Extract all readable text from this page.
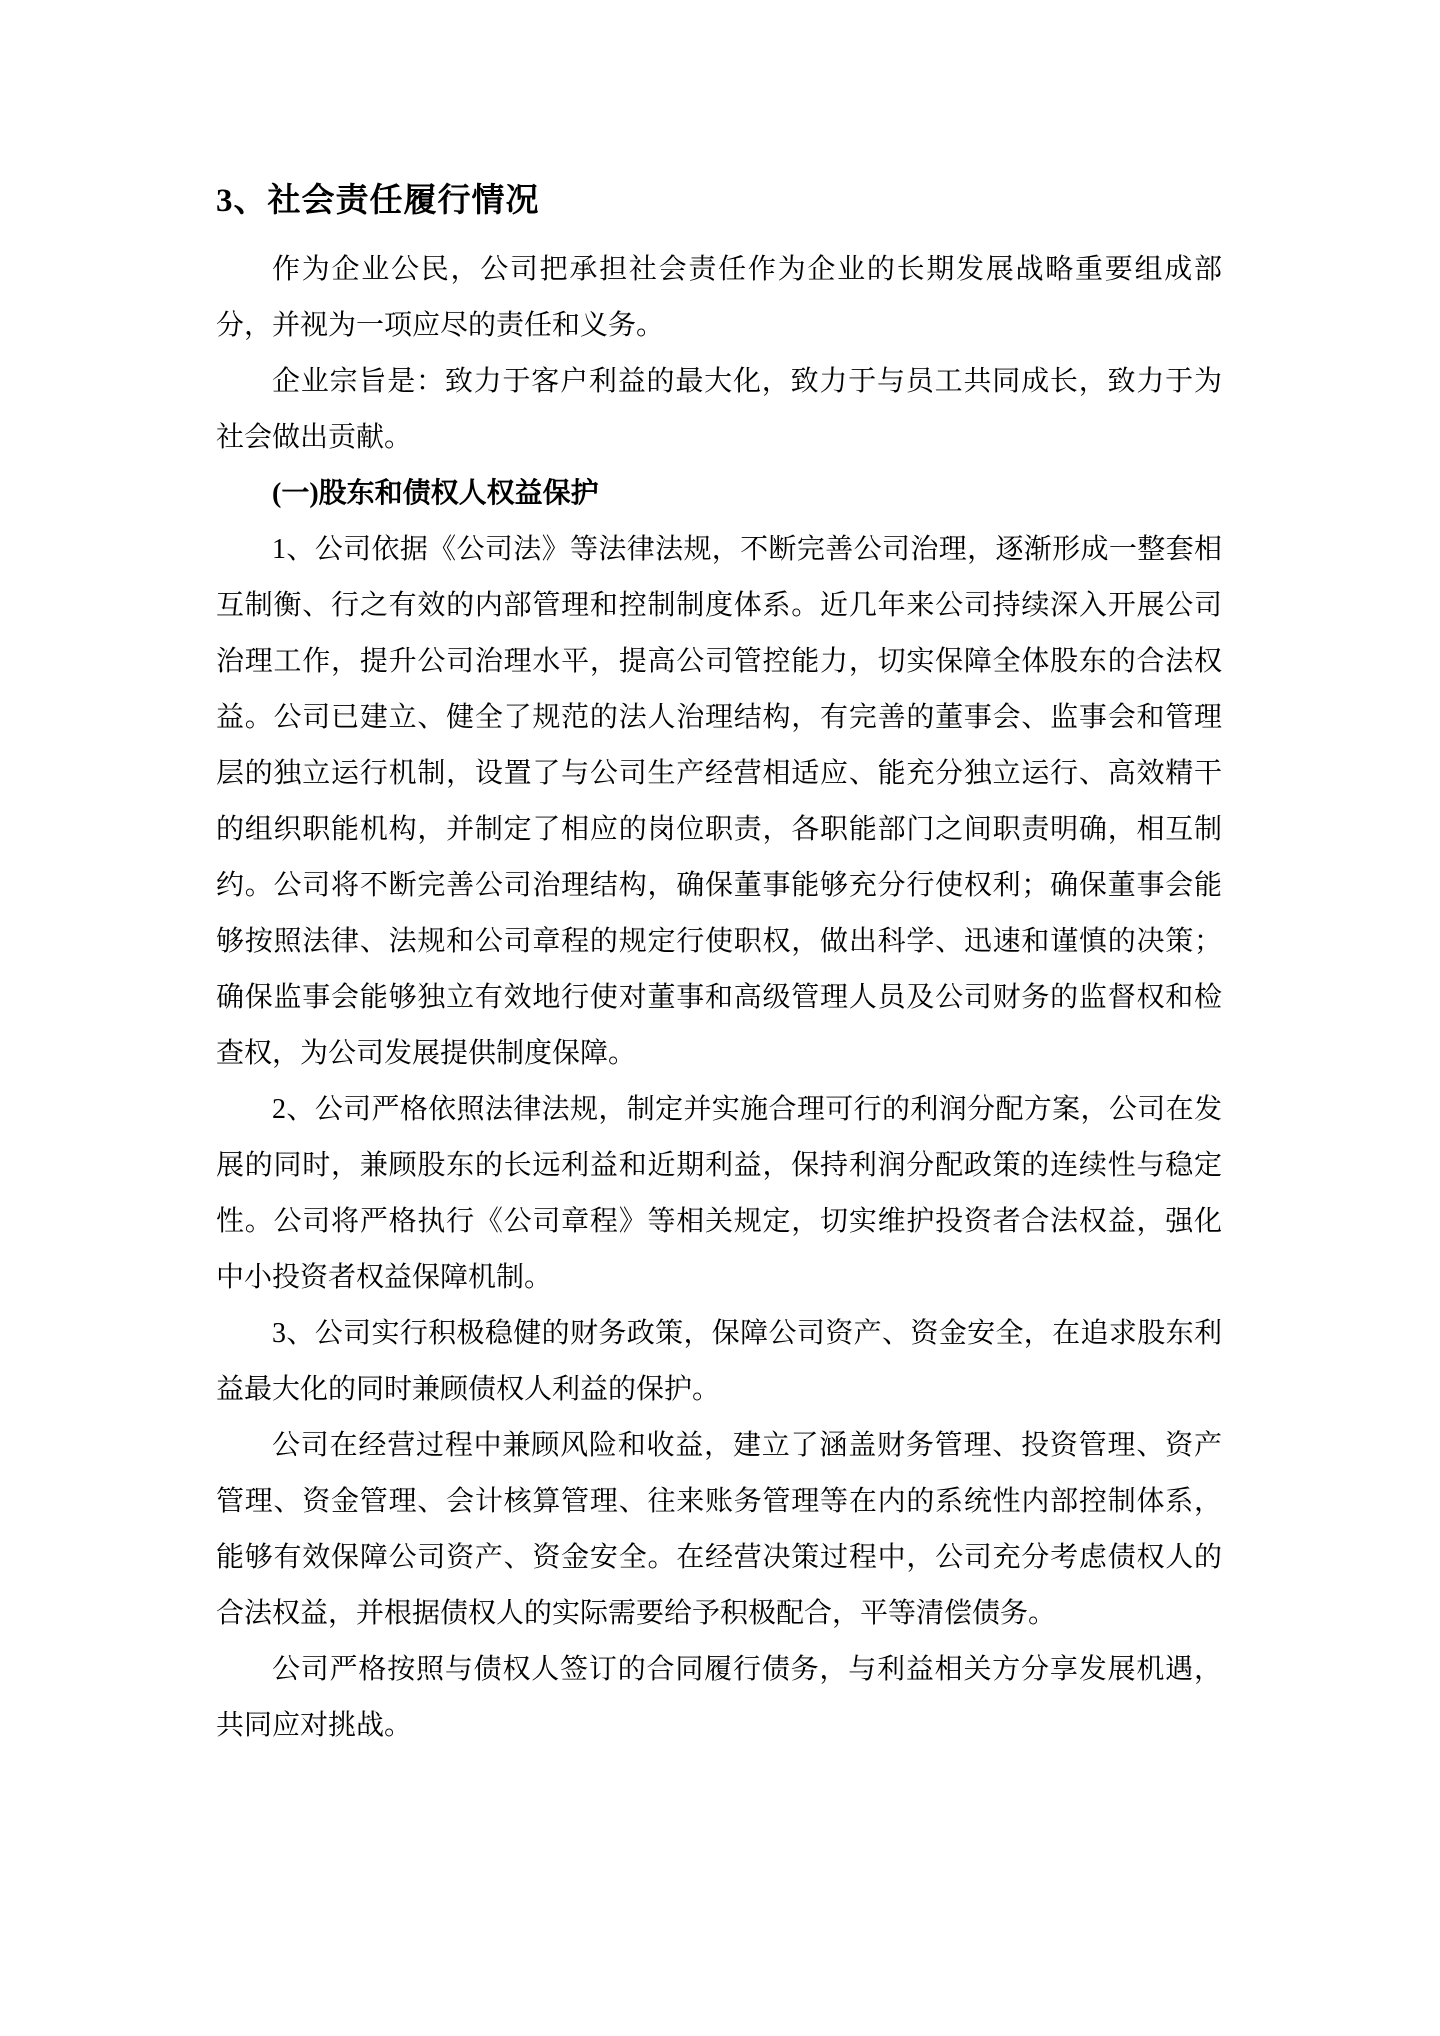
3、社会责任履行情况

作为企业公民，公司把承担社会责任作为企业的长期发展战略重要组成部分，并视为一项应尽的责任和义务。

企业宗旨是：致力于客户利益的最大化，致力于与员工共同成长，致力于为社会做出贡献。

(一)股东和债权人权益保护

1、公司依据《公司法》等法律法规，不断完善公司治理，逐渐形成一整套相互制衡、行之有效的内部管理和控制制度体系。近几年来公司持续深入开展公司治理工作，提升公司治理水平，提高公司管控能力，切实保障全体股东的合法权益。公司已建立、健全了规范的法人治理结构，有完善的董事会、监事会和管理层的独立运行机制，设置了与公司生产经营相适应、能充分独立运行、高效精干的组织职能机构，并制定了相应的岗位职责，各职能部门之间职责明确，相互制约。公司将不断完善公司治理结构，确保董事能够充分行使权利；确保董事会能够按照法律、法规和公司章程的规定行使职权，做出科学、迅速和谨慎的决策；确保监事会能够独立有效地行使对董事和高级管理人员及公司财务的监督权和检查权，为公司发展提供制度保障。

2、公司严格依照法律法规，制定并实施合理可行的利润分配方案，公司在发展的同时，兼顾股东的长远利益和近期利益，保持利润分配政策的连续性与稳定性。公司将严格执行《公司章程》等相关规定，切实维护投资者合法权益，强化中小投资者权益保障机制。

3、公司实行积极稳健的财务政策，保障公司资产、资金安全，在追求股东利益最大化的同时兼顾债权人利益的保护。

公司在经营过程中兼顾风险和收益，建立了涵盖财务管理、投资管理、资产管理、资金管理、会计核算管理、往来账务管理等在内的系统性内部控制体系，能够有效保障公司资产、资金安全。在经营决策过程中，公司充分考虑债权人的合法权益，并根据债权人的实际需要给予积极配合，平等清偿债务。

公司严格按照与债权人签订的合同履行债务，与利益相关方分享发展机遇，共同应对挑战。
